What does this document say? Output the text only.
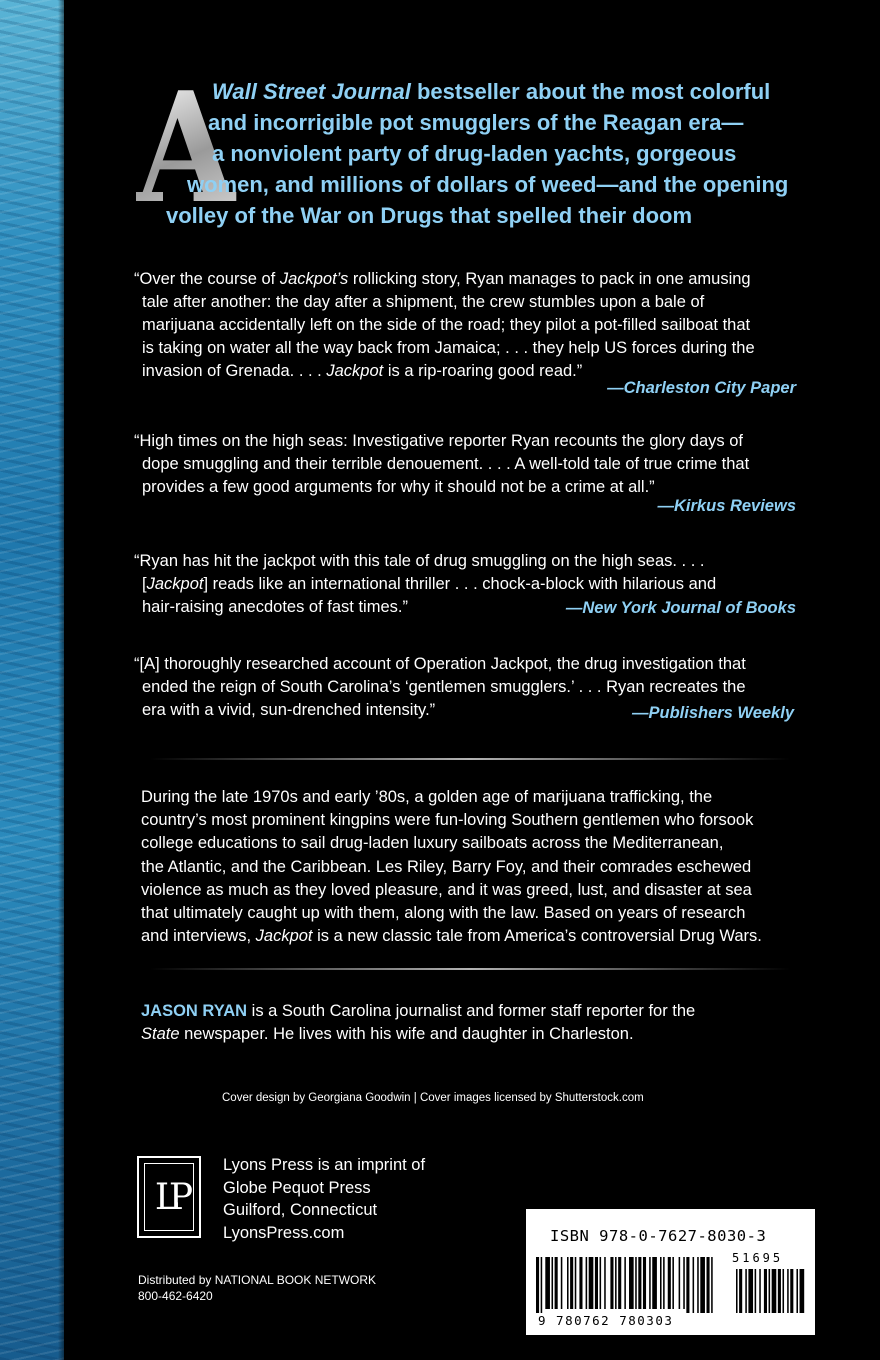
A
Wall Street Journal bestseller about the most colorful
and incorrigible pot smugglers of the Reagan era—
a nonviolent party of drug-laden yachts, gorgeous
women, and millions of dollars of weed—and the opening
volley of the War on Drugs that spelled their doom
“Over the course of Jackpot’s rollicking story, Ryan manages to pack in one amusing
tale after another: the day after a shipment, the crew stumbles upon a bale of
marijuana accidentally left on the side of the road; they pilot a pot-filled sailboat that
is taking on water all the way back from Jamaica; . . . they help US forces during the
invasion of Grenada. . . . Jackpot is a rip-roaring good read.”
—Charleston City Paper
“High times on the high seas: Investigative reporter Ryan recounts the glory days of
dope smuggling and their terrible denouement. . . . A well-told tale of true crime that
provides a few good arguments for why it should not be a crime at all.”
—Kirkus Reviews
“Ryan has hit the jackpot with this tale of drug smuggling on the high seas. . . .
[Jackpot] reads like an international thriller . . . chock-a-block with hilarious and
hair-raising anecdotes of fast times.”	—New York Journal of Books
“[A] thoroughly researched account of Operation Jackpot, the drug investigation that
ended the reign of South Carolina’s ‘gentlemen smugglers.’ . . . Ryan recreates the
era with a vivid, sun-drenched intensity.”	—Publishers Weekly
During the late 1970s and early ’80s, a golden age of marijuana trafficking, the
country’s most prominent kingpins were fun-loving Southern gentlemen who forsook
college educations to sail drug-laden luxury sailboats across the Mediterranean,
the Atlantic, and the Caribbean. Les Riley, Barry Foy, and their comrades eschewed
violence as much as they loved pleasure, and it was greed, lust, and disaster at sea
that ultimately caught up with them, along with the law. Based on years of research
and interviews, Jackpot is a new classic tale from America’s controversial Drug Wars.
JASON RYAN is a South Carolina journalist and former staff reporter for the
State newspaper. He lives with his wife and daughter in Charleston.
Cover design by Georgiana Goodwin | Cover images licensed by Shutterstock.com
LP
Lyons Press is an imprint of
Globe Pequot Press
Guilford, Connecticut
LyonsPress.com
Distributed by NATIONAL BOOK NETWORK
800-462-6420
ISBN 978-0-7627-8030-3
51695
9 780762 780303
